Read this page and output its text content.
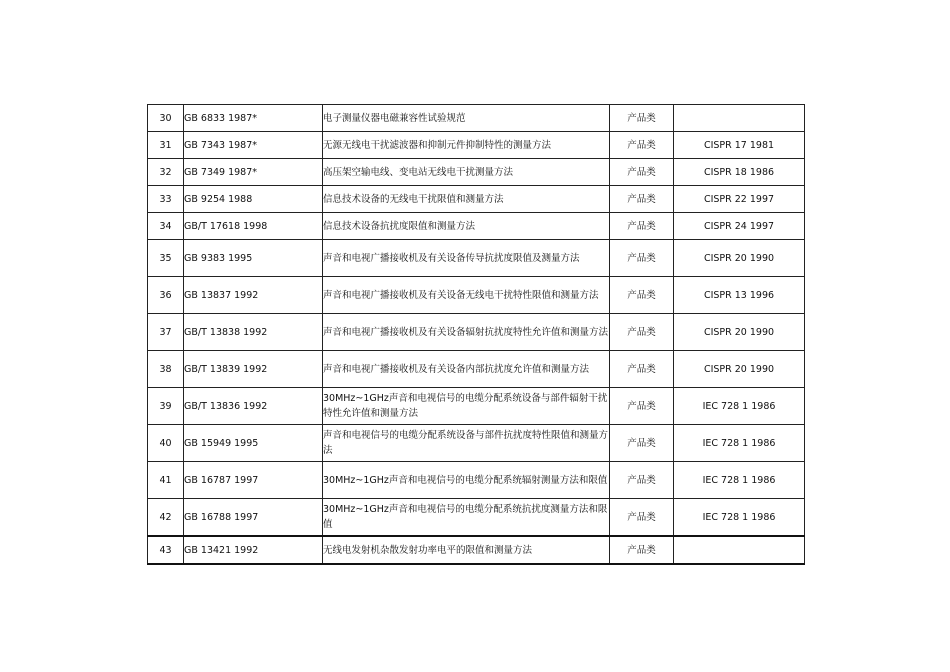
30	GB 6833 1987*	电子测量仪器电磁兼容性试验规范	产品类	
31	GB 7343 1987*	无源无线电干扰滤波器和抑制元件抑制特性的测量方法	产品类	CISPR 17 1981
32	GB 7349 1987*	高压架空输电线、变电站无线电干扰测量方法	产品类	CISPR 18 1986
33	GB 9254 1988	信息技术设备的无线电干扰限值和测量方法	产品类	CISPR 22 1997
34	GB/T 17618 1998	信息技术设备抗扰度限值和测量方法	产品类	CISPR 24 1997
35	GB 9383 1995	声音和电视广播接收机及有关设备传导抗扰度限值及测量方法	产品类	CISPR 20 1990
36	GB 13837 1992	声音和电视广播接收机及有关设备无线电干扰特性限值和测量方法	产品类	CISPR 13 1996
37	GB/T 13838 1992	声音和电视广播接收机及有关设备辐射抗扰度特性允许值和测量方法	产品类	CISPR 20 1990
38	GB/T 13839 1992	声音和电视广播接收机及有关设备内部抗扰度允许值和测量方法	产品类	CISPR 20 1990
39	GB/T 13836 1992	30MHz~1GHz声音和电视信号的电缆分配系统设备与部件辐射干扰特性允许值和测量方法	产品类	IEC 728 1 1986
40	GB 15949 1995	声音和电视信号的电缆分配系统设备与部件抗扰度特性限值和测量方法	产品类	IEC 728 1 1986
41	GB 16787 1997	30MHz~1GHz声音和电视信号的电缆分配系统辐射测量方法和限值	产品类	IEC 728 1 1986
42	GB 16788 1997	30MHz~1GHz声音和电视信号的电缆分配系统抗扰度测量方法和限值	产品类	IEC 728 1 1986
43	GB 13421 1992	无线电发射机杂散发射功率电平的限值和测量方法	产品类	
